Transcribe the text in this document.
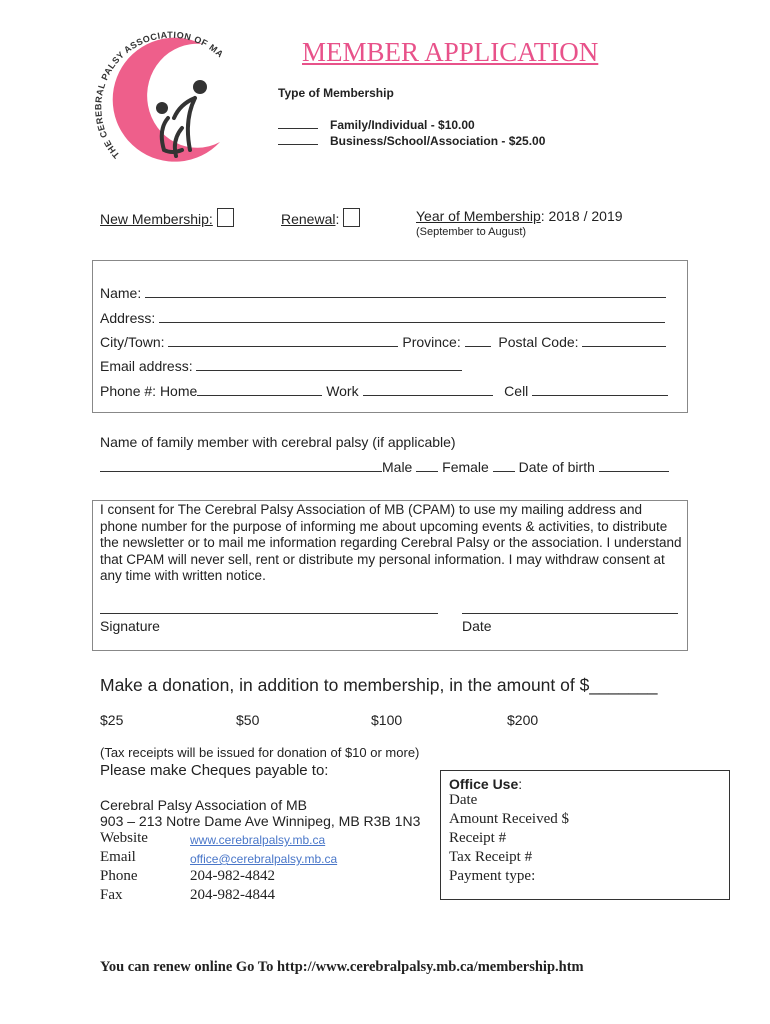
THE CEREBRAL PALSY ASSOCIATION OF MA	MEMBER APPLICATION
Type of Membership
Family/Individual - $10.00
Business/School/Association - $25.00
New Membership:	Renewal:	Year of Membership: 2018 / 2019
(September to August)
Name:
Address:
City/Town:	Province:	Postal Code:
Email address:
Phone #: Home	Work	Cell
Name of family member with cerebral palsy (if applicable)
Male Female Date of birth
I consent for The Cerebral Palsy Association of MB (CPAM) to use my mailing address and phone number for the purpose of informing me about upcoming events & activities, to distribute the newsletter or to mail me information regarding Cerebral Palsy or the association. I understand that CPAM will never sell, rent or distribute my personal information. I may withdraw consent at any time with written notice.
Signature	Date
Make a donation, in addition to membership, in the amount of $_______
$25	$50	$100	$200
(Tax receipts will be issued for donation of $10 or more)
Please make Cheques payable to:
Cerebral Palsy Association of MB
903 – 213 Notre Dame Ave Winnipeg, MB R3B 1N3
Website	www.cerebralpalsy.mb.ca
Email	office@cerebralpalsy.mb.ca
Phone	204-982-4842
Fax	204-982-4844
Office Use:
Date
Amount Received $
Receipt #
Tax Receipt #
Payment type:
You can renew online Go To http://www.cerebralpalsy.mb.ca/membership.htm
